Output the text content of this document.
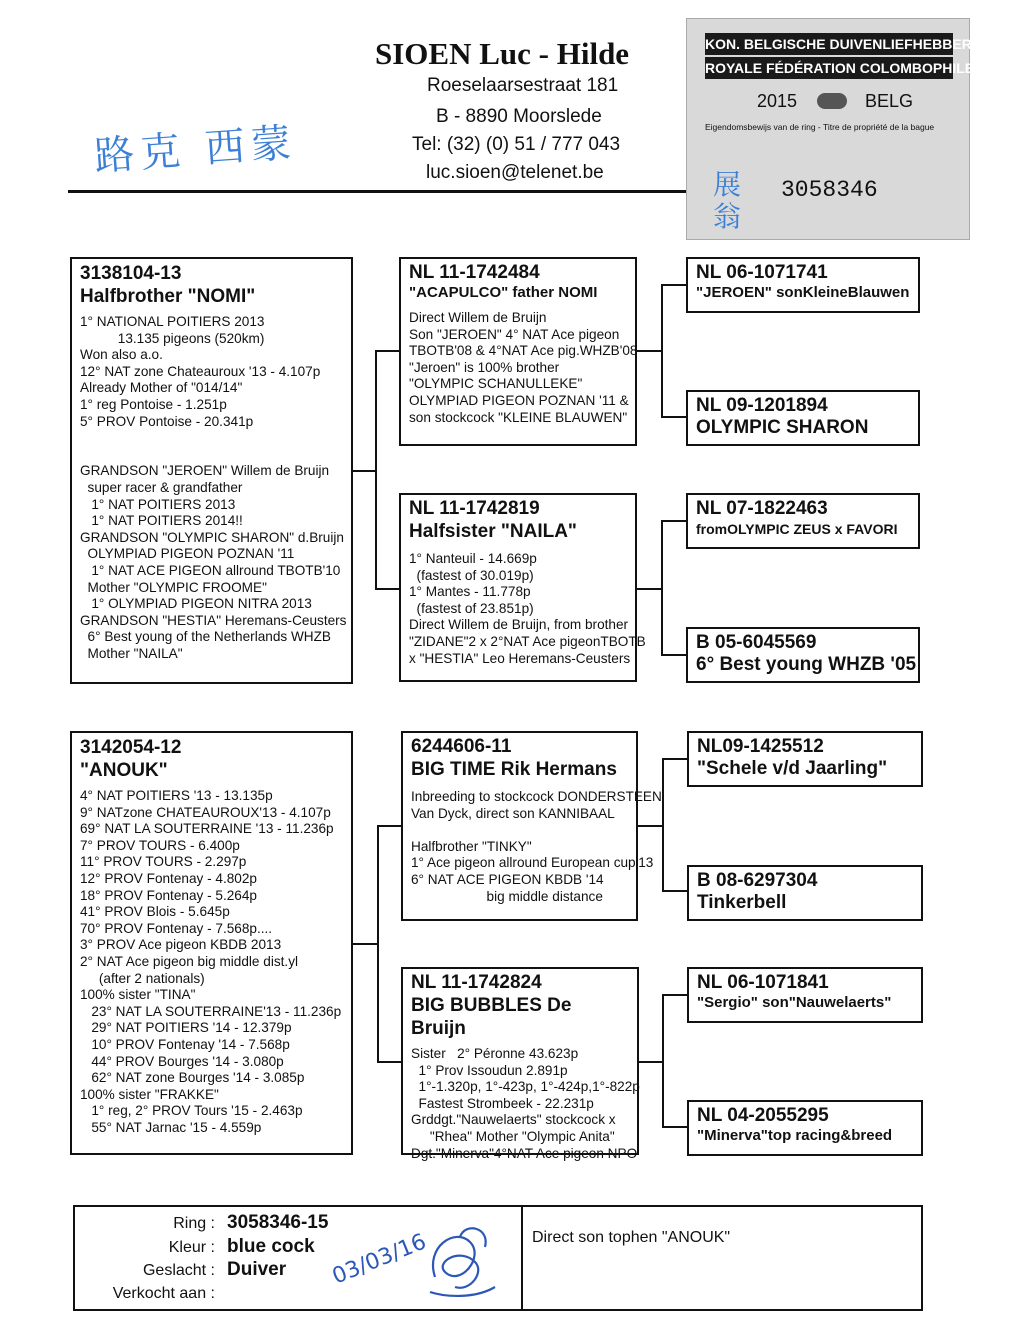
SIOEN Luc - Hilde
Roeselaarsestraat 181
B - 8890 Moorslede
Tel: (32) (0) 51 / 777 043
luc.sioen@telenet.be
路克 西蒙
KON. BELGISCHE DUIVENLIEFHEBBERSBOND
ROYALE FÉDÉRATION COLOMBOPHILE BELGE
2015	BELG
Eigendomsbewijs van de ring - Titre de propriété de la bague
3058346
展翁
3138104-13
Halfbrother "NOMI"
1° NATIONAL POITIERS 2013
13.135 pigeons (520km)
Won also a.o.
12° NAT zone Chateauroux '13 - 4.107p
Already Mother of "014/14"
1° reg Pontoise - 1.251p
5° PROV Pontoise - 20.341p

GRANDSON "JEROEN" Willem de Bruijn
super racer & grandfather
1° NAT POITIERS 2013
1° NAT POITIERS 2014!!
GRANDSON "OLYMPIC SHARON" d.Bruijn
OLYMPIAD PIGEON POZNAN '11
1° NAT ACE PIGEON allround TBOTB'10
Mother "OLYMPIC FROOME"
1° OLYMPIAD PIGEON NITRA 2013
GRANDSON "HESTIA" Heremans-Ceusters
6° Best young of the Netherlands WHZB
Mother "NAILA"
NL 11-1742484
"ACAPULCO" father NOMI
Direct Willem de Bruijn
Son "JEROEN" 4° NAT Ace pigeon
TBOTB'08 & 4°NAT Ace pig.WHZB'08
"Jeroen" is 100% brother
"OLYMPIC SCHANULLEKE"
OLYMPIAD PIGEON POZNAN '11 &
son stockcock "KLEINE BLAUWEN"
NL 11-1742819
Halfsister "NAILA"
1° Nanteuil - 14.669p
(fastest of 30.019p)
1° Mantes - 11.778p
(fastest of 23.851p)
Direct Willem de Bruijn, from brother
"ZIDANE"2 x 2°NAT Ace pigeonTBOTB
x "HESTIA" Leo Heremans-Ceusters
NL 06-1071741
"JEROEN" sonKleineBlauwen
NL 09-1201894
OLYMPIC SHARON
NL 07-1822463
fromOLYMPIC ZEUS x FAVORI
B 05-6045569
6° Best young WHZB '05
3142054-12
"ANOUK"
4° NAT POITIERS '13 - 13.135p
9° NATzone CHATEAUROUX'13 - 4.107p
69° NAT LA SOUTERRAINE '13 - 11.236p
7° PROV TOURS - 6.400p
11° PROV TOURS - 2.297p
12° PROV Fontenay - 4.802p
18° PROV Fontenay - 5.264p
41° PROV Blois - 5.645p
70° PROV Fontenay - 7.568p....
3° PROV Ace pigeon KBDB 2013
2° NAT Ace pigeon big middle dist.yl
(after 2 nationals)
100% sister "TINA"
23° NAT LA SOUTERRAINE'13 - 11.236p
29° NAT POITIERS '14 - 12.379p
10° PROV Fontenay '14 - 7.568p
44° PROV Bourges '14 - 3.080p
62° NAT zone Bourges '14 - 3.085p
100% sister "FRAKKE"
1° reg, 2° PROV Tours '15 - 2.463p
55° NAT Jarnac '15 - 4.559p
6244606-11
BIG TIME Rik Hermans
Inbreeding to stockcock DONDERSTEEN
Van Dyck, direct son KANNIBAAL

Halfbrother "TINKY"
1° Ace pigeon allround European cup'13
6° NAT ACE PIGEON KBDB '14
big middle distance
NL 11-1742824
BIG BUBBLES De Bruijn
Sister   2° Péronne 43.623p
1° Prov Issoudun 2.891p
1°-1.320p, 1°-423p, 1°-424p,1°-822p
Fastest Strombeek - 22.231p
Grddgt."Nauwelaerts" stockcock x
"Rhea" Mother "Olympic Anita"
Dgt."Minerva"4°NAT Ace pigeon NPO
NL09-1425512
"Schele v/d Jaarling"
B 08-6297304
Tinkerbell
NL 06-1071841
"Sergio" son"Nauwelaerts"
NL 04-2055295
"Minerva"top racing&breed
Ring : 3058346-15
Kleur : blue cock
Geslacht : Duiver
Verkocht aan :
Direct son tophen "ANOUK"
03/03/16
